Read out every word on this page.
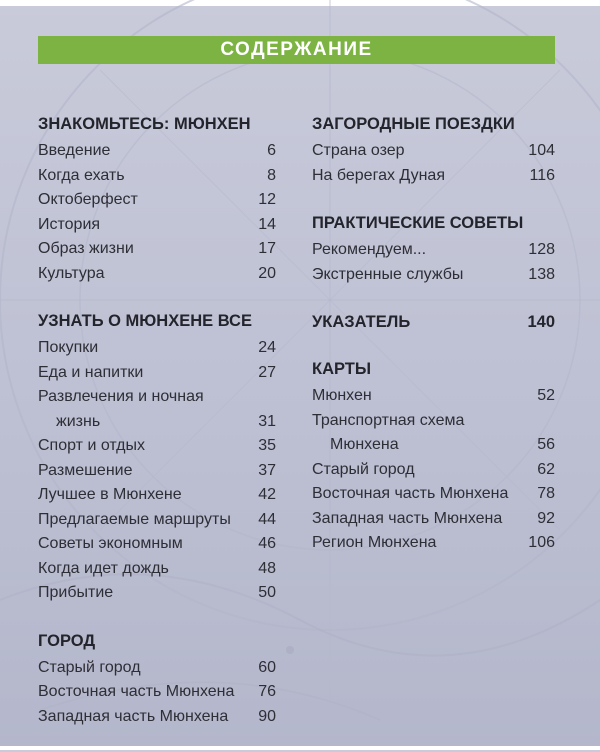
СОДЕРЖАНИЕ
ЗНАКОМЬТЕСЬ: МЮНХЕН
Введение	6
Когда ехать	8
Октоберфест	12
История	14
Образ жизни	17
Культура	20
УЗНАТЬ О МЮНХЕНЕ ВСЕ
Покупки	24
Еда и напитки	27
Развлечения и ночная
жизнь	31
Спорт и отдых	35
Размешение	37
Лучшее в Мюнхене	42
Предлагаемые маршруты 44
Советы экономным	46
Когда идет дождь	48
Прибытие	50
ГОРОД
Старый город	60
Восточная часть Мюнхена 76
Западная часть Мюнхена 90
ЗАГОРОДНЫЕ ПОЕЗДКИ
Страна озер	104
На берегах Дуная	116
ПРАКТИЧЕСКИЕ СОВЕТЫ
Рекомендуем...	128
Экстренные службы	138
УКАЗАТЕЛЬ	140
КАРТЫ
Мюнхен	52
Транспортная схема
Мюнхена	56
Старый город	62
Восточная часть Мюнхена 78
Западная часть Мюнхена 92
Регион Мюнхена	106
